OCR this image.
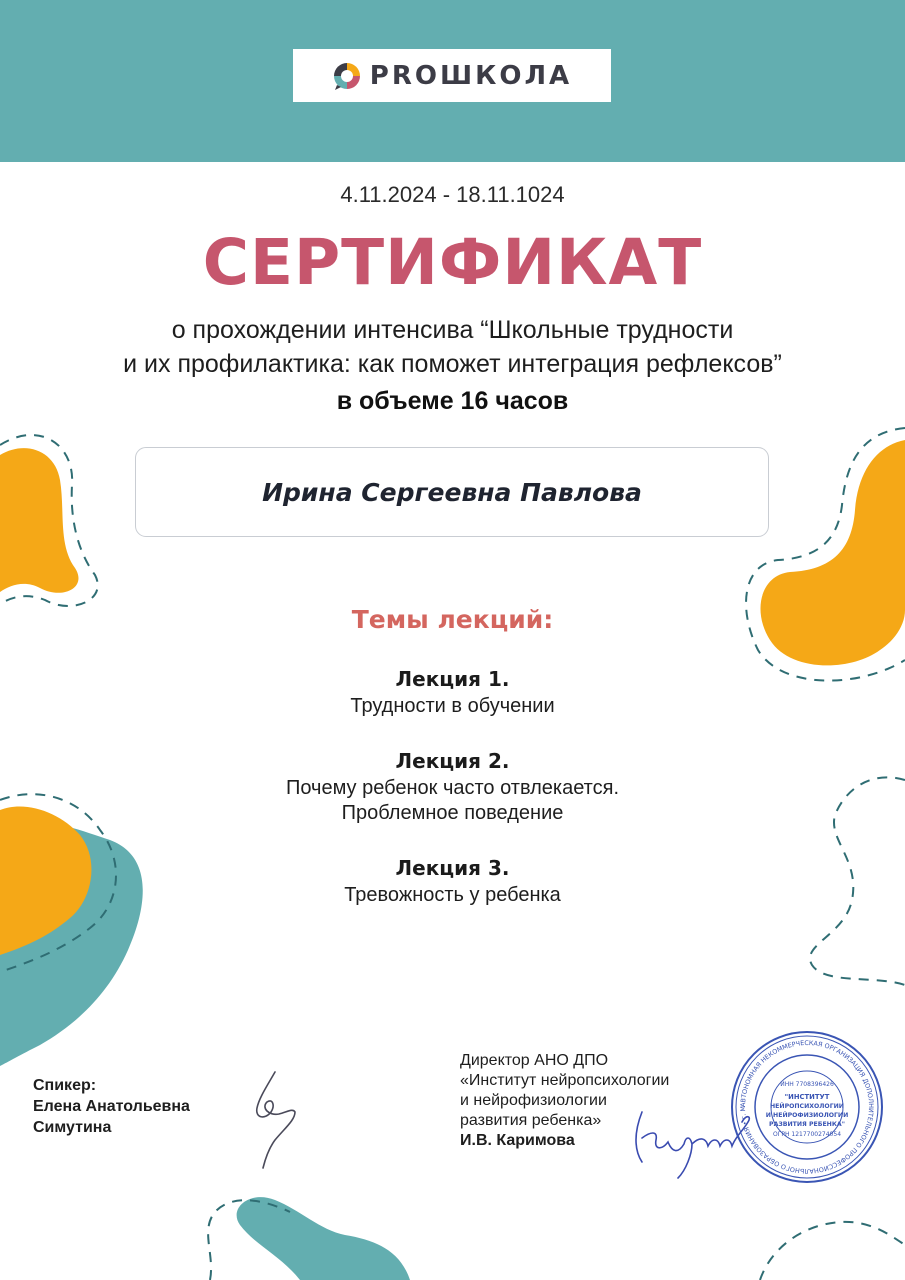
PROШКОЛА
4.11.2024 - 18.11.1024
СЕРТИФИКАТ
о прохождении интенсива “Школьные трудности
и их профилактика: как поможет интеграция рефлексов”
в объеме 16 часов
Ирина Сергеевна Павлова
Темы лекций:
Лекция 1.
Трудности в обучении
Лекция 2.
Почему ребенок часто отвлекается.
Проблемное поведение
Лекция 3.
Тревожность у ребенка
Спикер:
Елена Анатольевна
Симутина
Директор АНО ДПО
«Институт нейропсихологии
и нейрофизиологии
развития ребенка»
И.В. Каримова
АВТОНОМНАЯ НЕКОММЕРЧЕСКАЯ ОРГАНИЗАЦИЯ ДОПОЛНИТЕЛЬНОГО ПРОФЕССИОНАЛЬНОГО ОБРАЗОВАНИЯ • г. М
ИНН 7708396426
ОГРН 1217700274054
"ИНСТИТУТ
НЕЙРОПСИХОЛОГИИ
И НЕЙРОФИЗИОЛОГИИ
РАЗВИТИЯ РЕБЕНКА"
